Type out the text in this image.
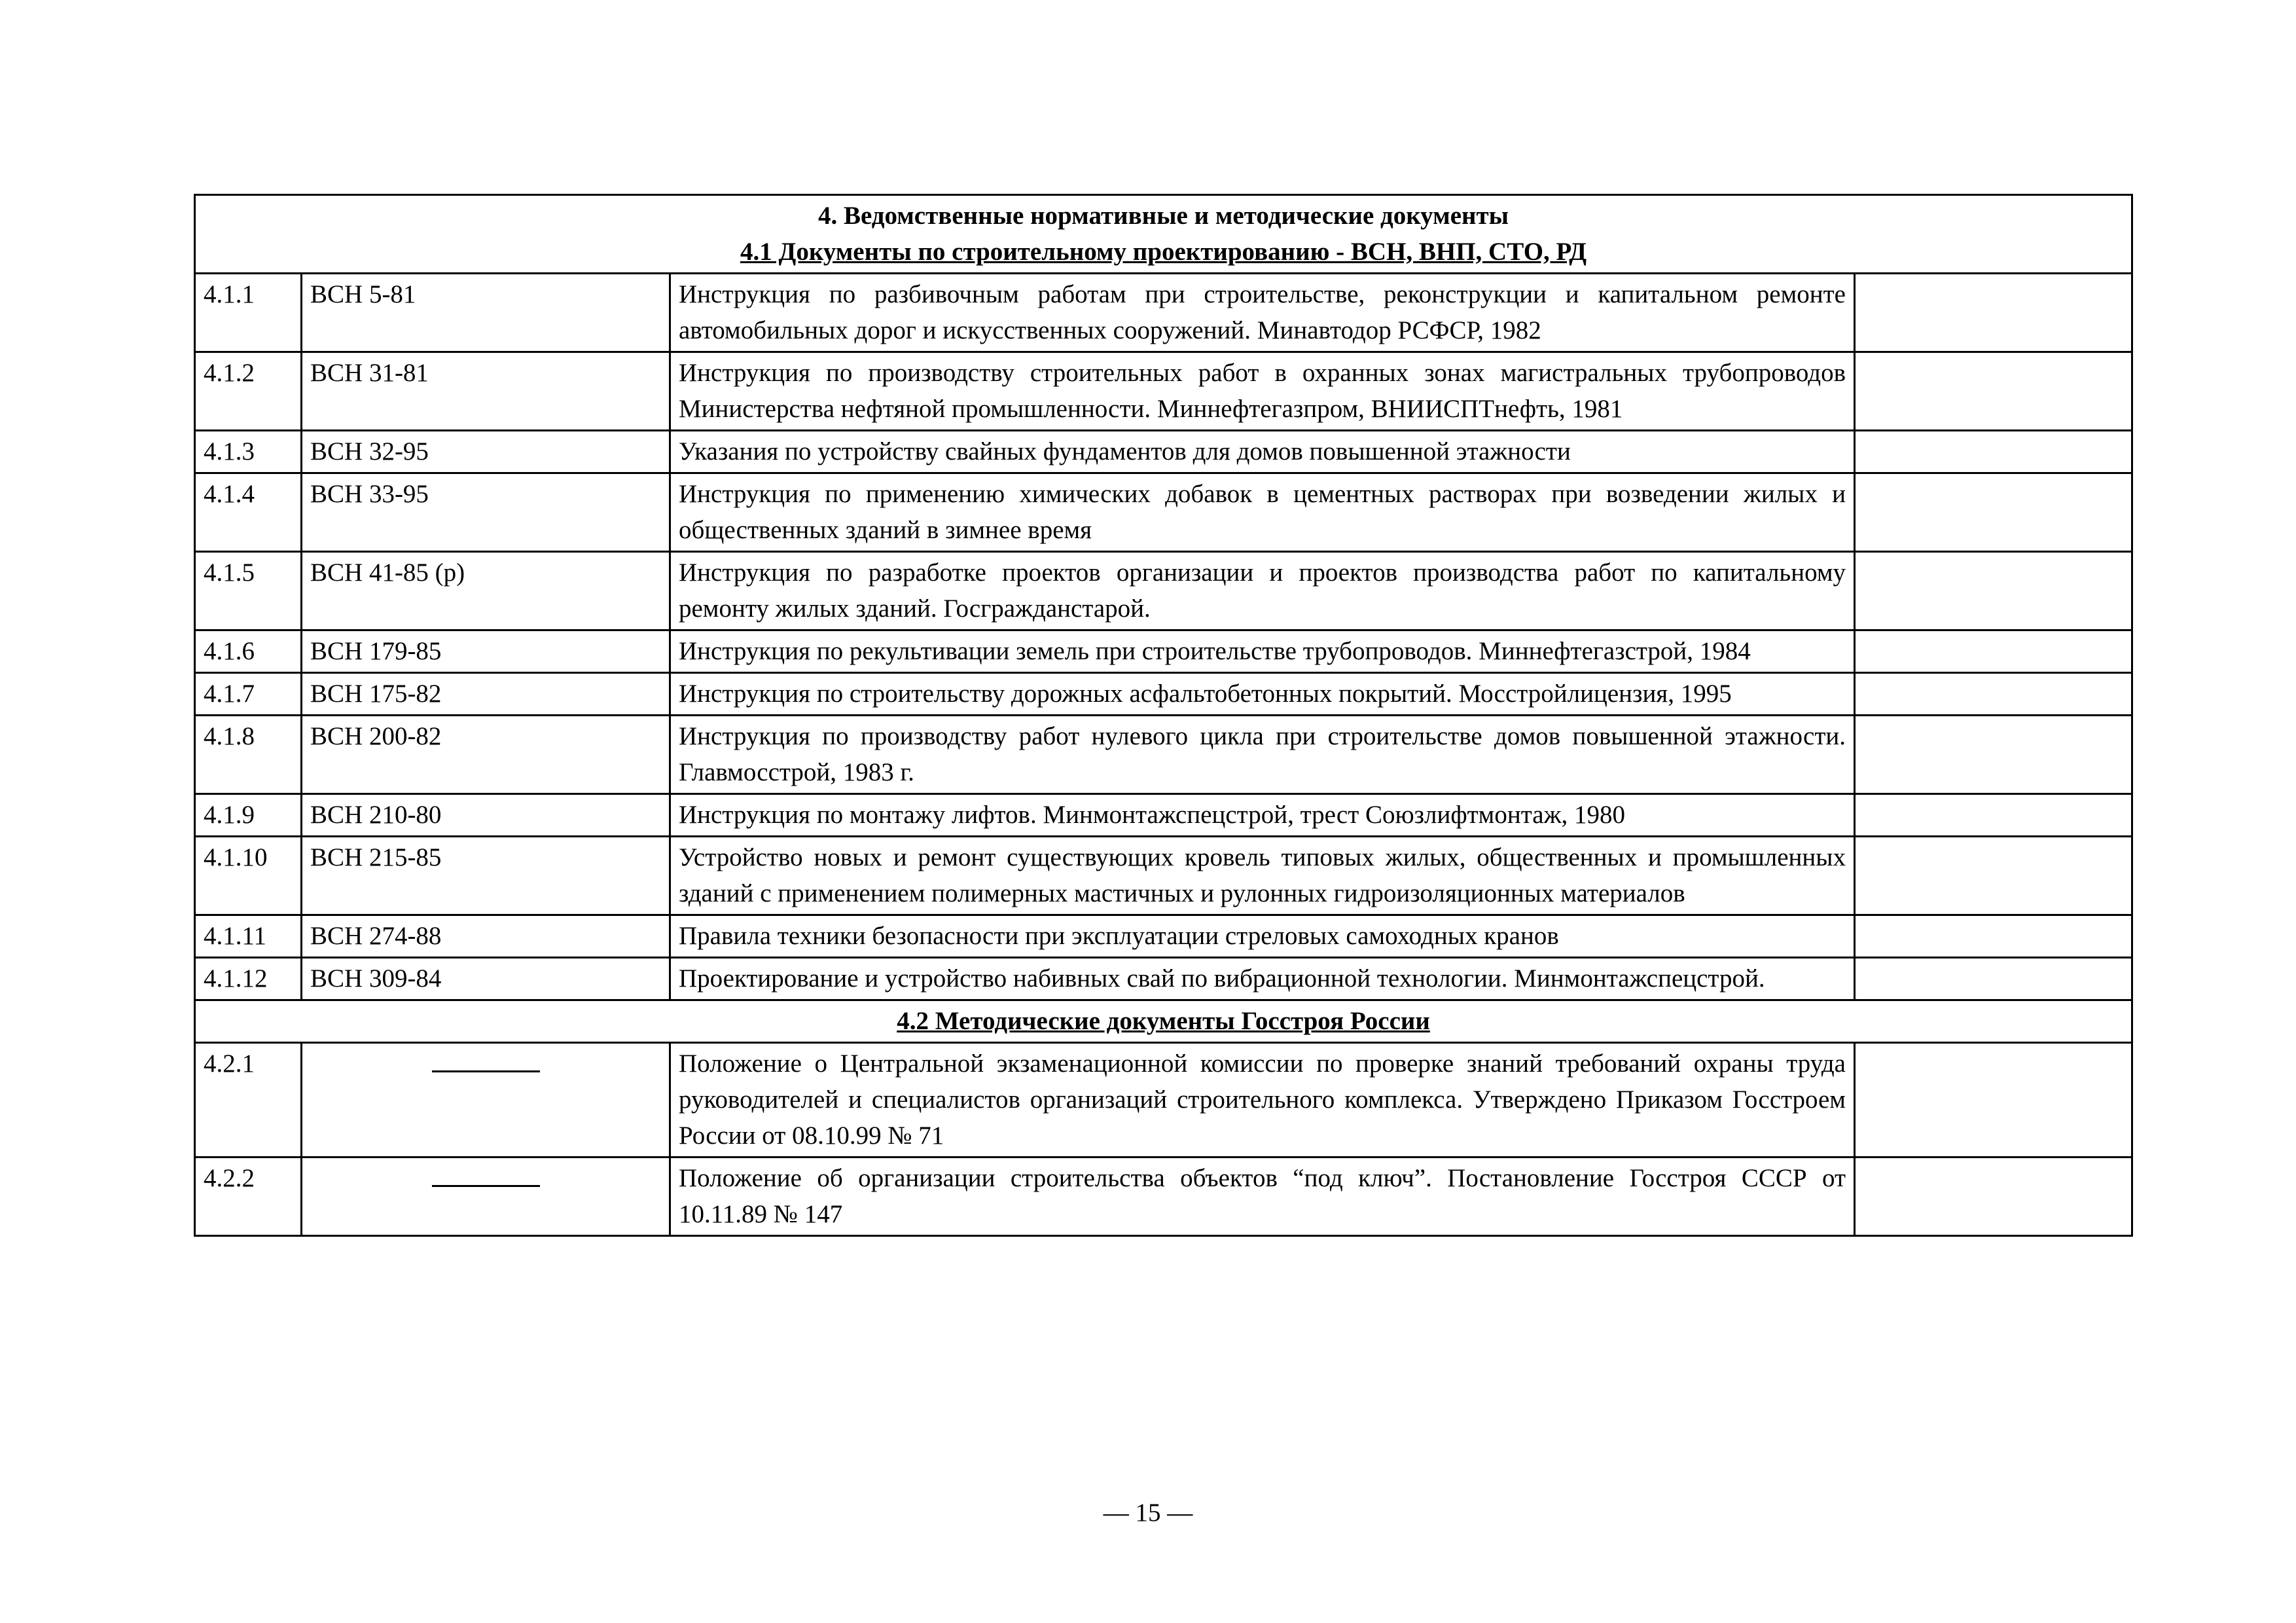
4. Ведомственные нормативные и методические документы
4.1 Документы по строительному проектированию - ВСН, ВНП, СТО, РД			

4.1.1	ВСН 5-81	Инструкция по разбивочным работам при строительстве, реконструкции и капитальном ремонте автомобильных дорог и искусственных сооружений. Минавтодор РСФСР, 1982	
4.1.2	ВСН 31-81	Инструкция по производству строительных работ в охранных зонах магистральных трубопроводов Министерства нефтяной промышленности. Миннефтегазпром, ВНИИСПТнефть, 1981	
4.1.3	ВСН 32-95	Указания по устройству свайных фундаментов для домов повышенной этажности	
4.1.4	ВСН 33-95	Инструкция по применению химических добавок в цементных растворах при возведении жилых и общественных зданий в зимнее время	
4.1.5	ВСН 41-85 (р)	Инструкция по разработке проектов организации и проектов производства работ по капитальному ремонту жилых зданий. Госгражданстарой.	
4.1.6	ВСН 179-85	Инструкция по рекультивации земель при строительстве трубопроводов. Миннефтегазстрой, 1984	
4.1.7	ВСН 175-82	Инструкция по строительству дорожных асфальтобетонных покрытий. Мосстройлицензия, 1995	
4.1.8	ВСН 200-82	Инструкция по производству работ нулевого цикла при строительстве домов повышенной этажности. Главмосстрой, 1983 г.	
4.1.9	ВСН 210-80	Инструкция по монтажу лифтов. Минмонтажспецстрой, трест Союзлифтмонтаж, 1980	
4.1.10	ВСН 215-85	Устройство новых и ремонт существующих кровель типовых жилых, общественных и промышленных зданий с применением полимерных мастичных и рулонных гидроизоляционных материалов	
4.1.11	ВСН 274-88	Правила техники безопасности при эксплуатации стреловых самоходных кранов	
4.1.12	ВСН 309-84	Проектирование и устройство набивных свай по вибрационной технологии. Минмонтажспецстрой.	
4.2 Методические документы Госстроя России			
4.2.1		Положение о Центральной экзаменационной комиссии по проверке знаний требований охраны труда руководителей и специалистов организаций строительного комплекса. Утверждено Приказом Госстроем России от 08.10.99 № 71	
4.2.2		Положение об организации строительства объектов “под ключ”. Постановление Госстроя СССР от 10.11.89 № 147	
— 15 —
